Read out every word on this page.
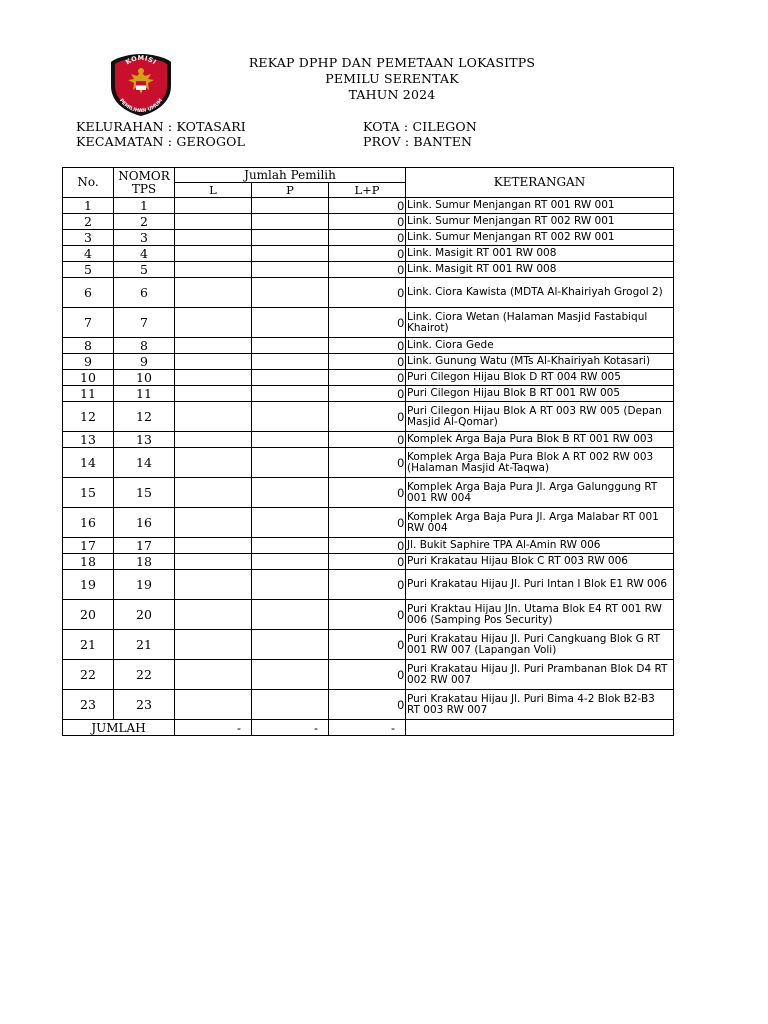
KOMISI
PEMILIHAN UMUM
REKAP DPHP DAN PEMETAAN LOKASITPS
PEMILU SERENTAK
TAHUN 2024
KELURAHAN : KOTASARI
KECAMATAN : GEROGOL
KOTA : CILEGON
PROV : BANTEN
No.	NOMOR TPS	Jumlah Pemilih			KETERANGAN
		L	P	L+P	
1	1			0	Link. Sumur Menjangan RT 001 RW 001
2	2			0	Link. Sumur Menjangan RT 002 RW 001
3	3			0	Link. Sumur Menjangan RT 002 RW 001
4	4			0	Link. Masigit RT 001 RW 008
5	5			0	Link. Masigit RT 001 RW 008
6	6			0	Link. Ciora Kawista (MDTA Al-Khairiyah Grogol 2)
7	7			0	Link. Ciora Wetan (Halaman Masjid Fastabiqul Khairot)
8	8			0	Link. Ciora Gede
9	9			0	Link. Gunung Watu (MTs Al-Khairiyah Kotasari)
10	10			0	Puri Cilegon Hijau Blok D RT 004 RW 005
11	11			0	Puri Cilegon Hijau Blok B RT 001 RW 005
12	12			0	Puri Cilegon Hijau Blok A RT 003 RW 005 (Depan Masjid Al-Qomar)
13	13			0	Komplek Arga Baja Pura Blok B RT 001 RW 003
14	14			0	Komplek Arga Baja Pura Blok A RT 002 RW 003 (Halaman Masjid At-Taqwa)
15	15			0	Komplek Arga Baja Pura Jl. Arga Galunggung RT 001 RW 004
16	16			0	Komplek Arga Baja Pura Jl. Arga Malabar RT 001 RW 004
17	17			0	Jl. Bukit Saphire TPA Al-Amin RW 006
18	18			0	Puri Krakatau Hijau Blok C RT 003 RW 006
19	19			0	Puri Krakatau Hijau Jl. Puri Intan I Blok E1 RW 006
20	20			0	Puri Kraktau Hijau Jln. Utama Blok E4 RT 001 RW 006 (Samping Pos Security)
21	21			0	Puri Krakatau Hijau Jl. Puri Cangkuang Blok G RT 001 RW 007 (Lapangan Voli)
22	22			0	Puri Krakatau Hijau Jl. Puri Prambanan Blok D4 RT 002 RW 007
23	23			0	Puri Krakatau Hijau Jl. Puri Bima 4-2 Blok B2-B3 RT 003 RW 007
JUMLAH		-	-	-	
